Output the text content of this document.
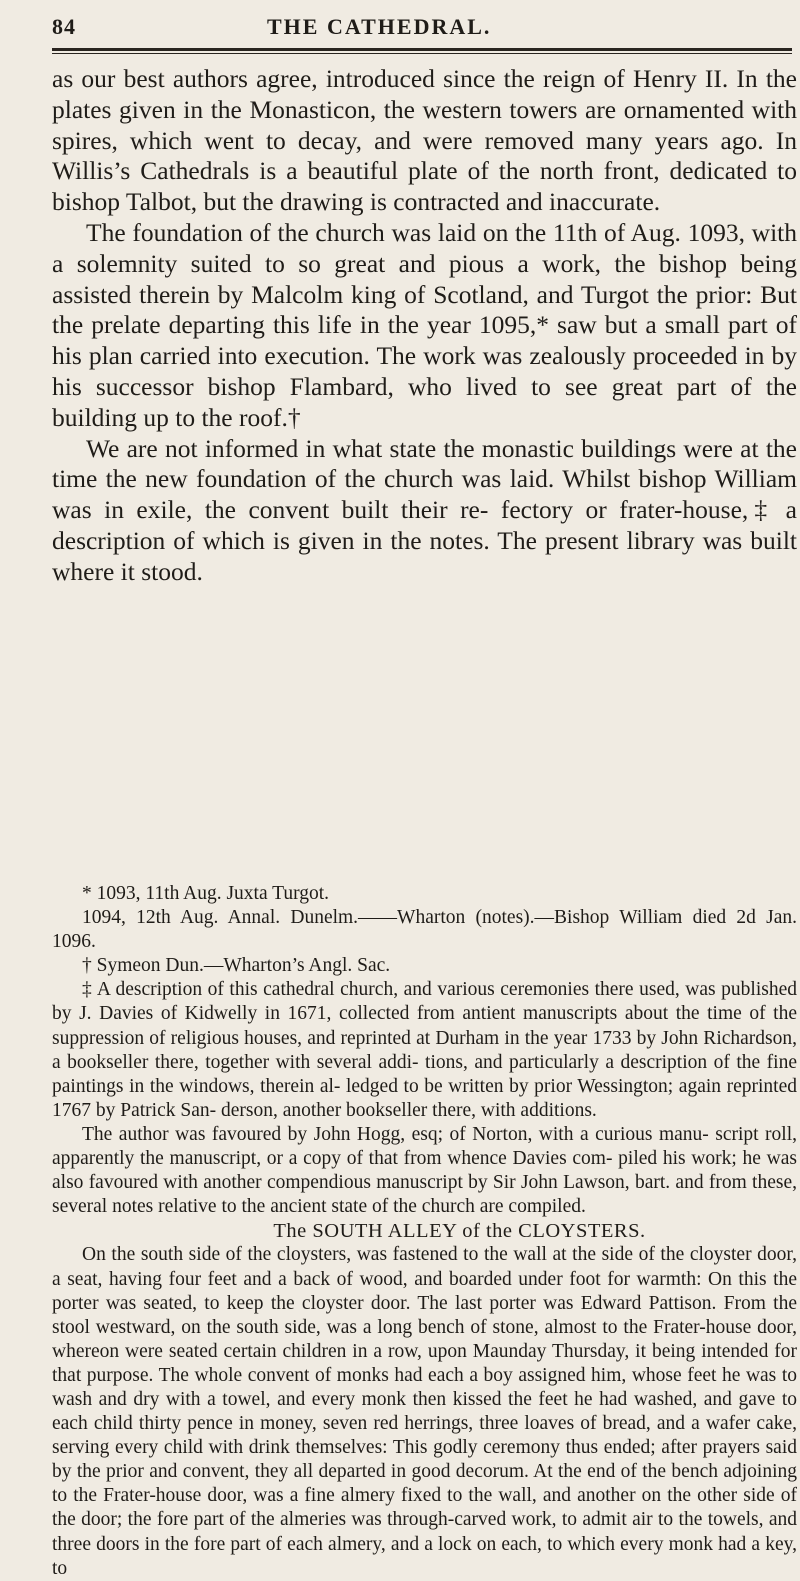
84	THE CATHEDRAL.

as our best authors agree, introduced since the reign of Henry II. In the plates given in the Monasticon, the western towers are ornamented with spires, which went to decay, and were removed many years ago. In Willis’s Cathedrals is a beautiful plate of the north front, dedicated to bishop Talbot, but the drawing is contracted and inaccurate.

The foundation of the church was laid on the 11th of Aug. 1093, with a solemnity suited to so great and pious a work, the bishop being assisted therein by Malcolm king of Scotland, and Turgot the prior: But the prelate departing this life in the year 1095,* saw but a small part of his plan carried into execution. The work was zealously proceeded in by his successor bishop Flambard, who lived to see great part of the building up to the roof.†

We are not informed in what state the monastic buildings were at the time the new foundation of the church was laid. Whilst bishop William was in exile, the convent built their re- fectory or frater-house,‡ a description of which is given in the notes. The present library was built where it stood.

* 1093, 11th Aug. Juxta Turgot.

1094, 12th Aug. Annal. Dunelm.——Wharton (notes).—Bishop William died 2d Jan. 1096.

† Symeon Dun.—Wharton’s Angl. Sac.

‡ A description of this cathedral church, and various ceremonies there used, was published by J. Davies of Kidwelly in 1671, collected from antient manuscripts about the time of the suppression of religious houses, and reprinted at Durham in the year 1733 by John Richardson, a bookseller there, together with several addi- tions, and particularly a description of the fine paintings in the windows, therein al- ledged to be written by prior Wessington; again reprinted 1767 by Patrick San- derson, another bookseller there, with additions.

The author was favoured by John Hogg, esq; of Norton, with a curious manu- script roll, apparently the manuscript, or a copy of that from whence Davies com- piled his work; he was also favoured with another compendious manuscript by Sir John Lawson, bart. and from these, several notes relative to the ancient state of the church are compiled.

The SOUTH ALLEY of the CLOYSTERS.

On the south side of the cloysters, was fastened to the wall at the side of the cloyster door, a seat, having four feet and a back of wood, and boarded under foot for warmth: On this the porter was seated, to keep the cloyster door. The last porter was Edward Pattison. From the stool westward, on the south side, was a long bench of stone, almost to the Frater-house door, whereon were seated certain children in a row, upon Maunday Thursday, it being intended for that purpose. The whole convent of monks had each a boy assigned him, whose feet he was to wash and dry with a towel, and every monk then kissed the feet he had washed, and gave to each child thirty pence in money, seven red herrings, three loaves of bread, and a wafer cake, serving every child with drink themselves: This godly ceremony thus ended; after prayers said by the prior and convent, they all departed in good decorum. At the end of the bench adjoining to the Frater-house door, was a fine almery fixed to the wall, and another on the other side of the door; the fore part of the almeries was through-carved work, to admit air to the towels, and three doors in the fore part of each almery, and a lock on each, to which every monk had a key, to
